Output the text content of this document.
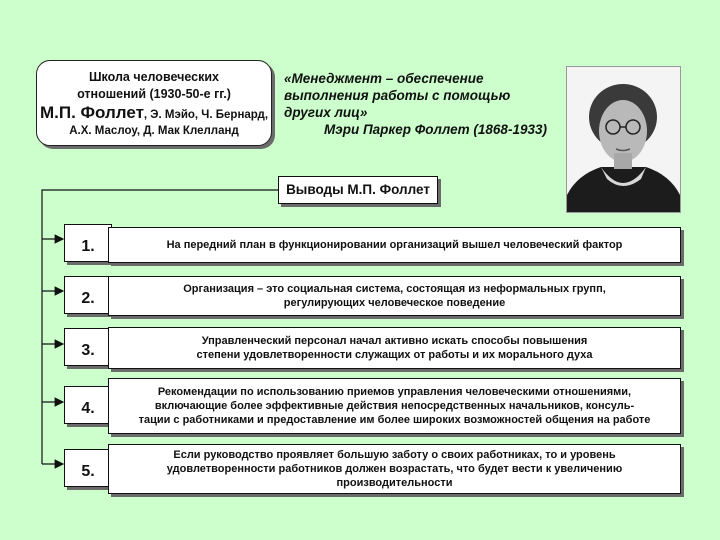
Школа человеческих
отношений (1930-50-е гг.)
М.П. Фоллет, Э. Мэйо, Ч. Бернард,
А.Х. Маслоу, Д. Мак Клелланд
«Менеджмент – обеспечение
выполнения работы с помощью
других лиц»
Мэри Паркер Фоллет (1868-1933)
Выводы М.П. Фоллет
1.	На передний план в функционировании организаций вышел человеческий фактор
2.
Организация – это социальная система, состоящая из неформальных групп,
регулирующих человеческое поведение
3.
Управленческий персонал начал активно искать способы повышения
степени удовлетворенности служащих от работы и их морального духа
4.
Рекомендации по использованию приемов управления человеческими отношениями,
включающие более эффективные действия непосредственных начальников, консуль-
тации с работниками и предоставление им более широких возможностей общения на работе
5.
Если руководство проявляет большую заботу о своих работниках, то и уровень
удовлетворенности работников должен возрастать, что будет вести к увеличению
производительности
